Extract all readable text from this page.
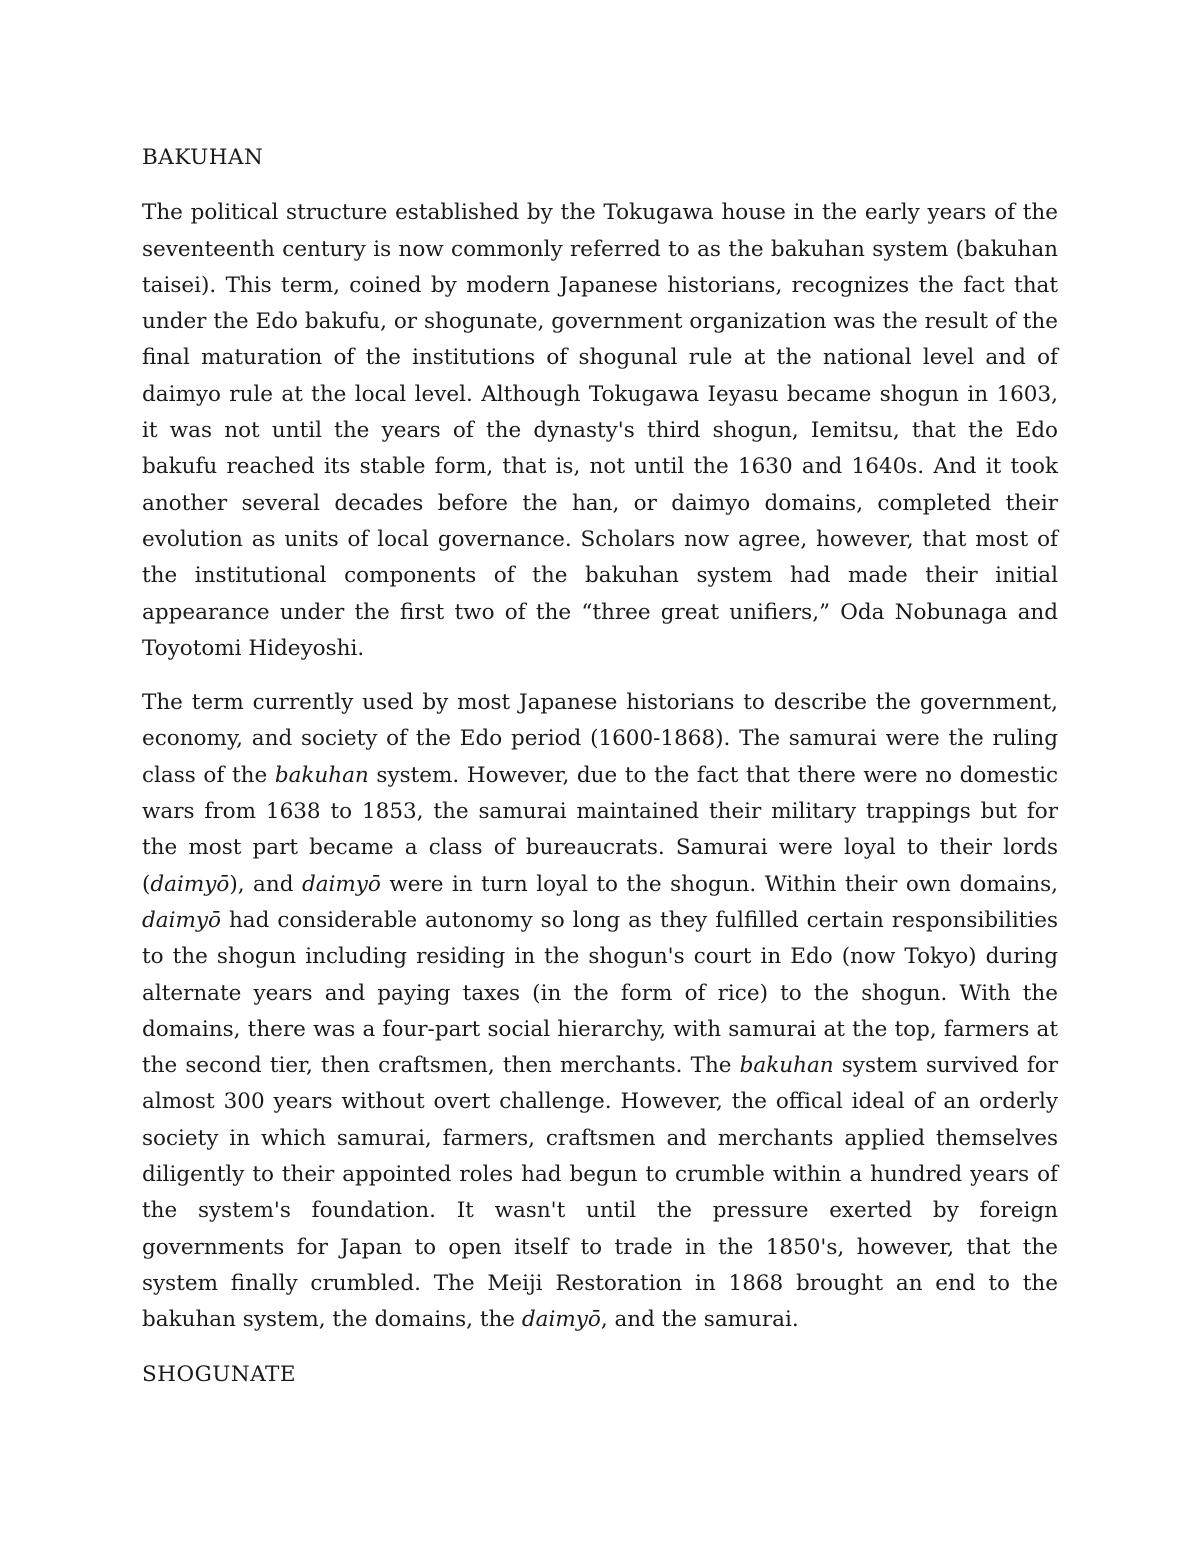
BAKUHAN

The political structure established by the Tokugawa house in the early years of the seventeenth century is now commonly referred to as the bakuhan system (bakuhan taisei). This term, coined by modern Japanese historians, recognizes the fact that under the Edo bakufu, or shogunate, government organization was the result of the final maturation of the institutions of shogunal rule at the national level and of daimyo rule at the local level. Although Tokugawa Ieyasu became shogun in 1603, it was not until the years of the dynasty's third shogun, Iemitsu, that the Edo bakufu reached its stable form, that is, not until the 1630 and 1640s. And it took another several decades before the han, or daimyo domains, completed their evolution as units of local governance. Scholars now agree, however, that most of the institutional components of the bakuhan system had made their initial appearance under the first two of the “three great unifiers,” Oda Nobunaga and Toyotomi Hideyoshi.

The term currently used by most Japanese historians to describe the government, economy, and society of the Edo period (1600-1868). The samurai were the ruling class of the bakuhan system. However, due to the fact that there were no domestic wars from 1638 to 1853, the samurai maintained their military trappings but for the most part became a class of bureaucrats. Samurai were loyal to their lords (daimyō), and daimyō were in turn loyal to the shogun. Within their own domains, daimyō had considerable autonomy so long as they fulfilled certain responsibilities to the shogun including residing in the shogun's court in Edo (now Tokyo) during alternate years and paying taxes (in the form of rice) to the shogun. With the domains, there was a four-part social hierarchy, with samurai at the top, farmers at the second tier, then craftsmen, then merchants. The bakuhan system survived for almost 300 years without overt challenge. However, the offical ideal of an orderly society in which samurai, farmers, craftsmen and merchants applied themselves diligently to their appointed roles had begun to crumble within a hundred years of the system's foundation. It wasn't until the pressure exerted by foreign governments for Japan to open itself to trade in the 1850's, however, that the system finally crumbled. The Meiji Restoration in 1868 brought an end to the bakuhan system, the domains, the daimyō, and the samurai.

SHOGUNATE
